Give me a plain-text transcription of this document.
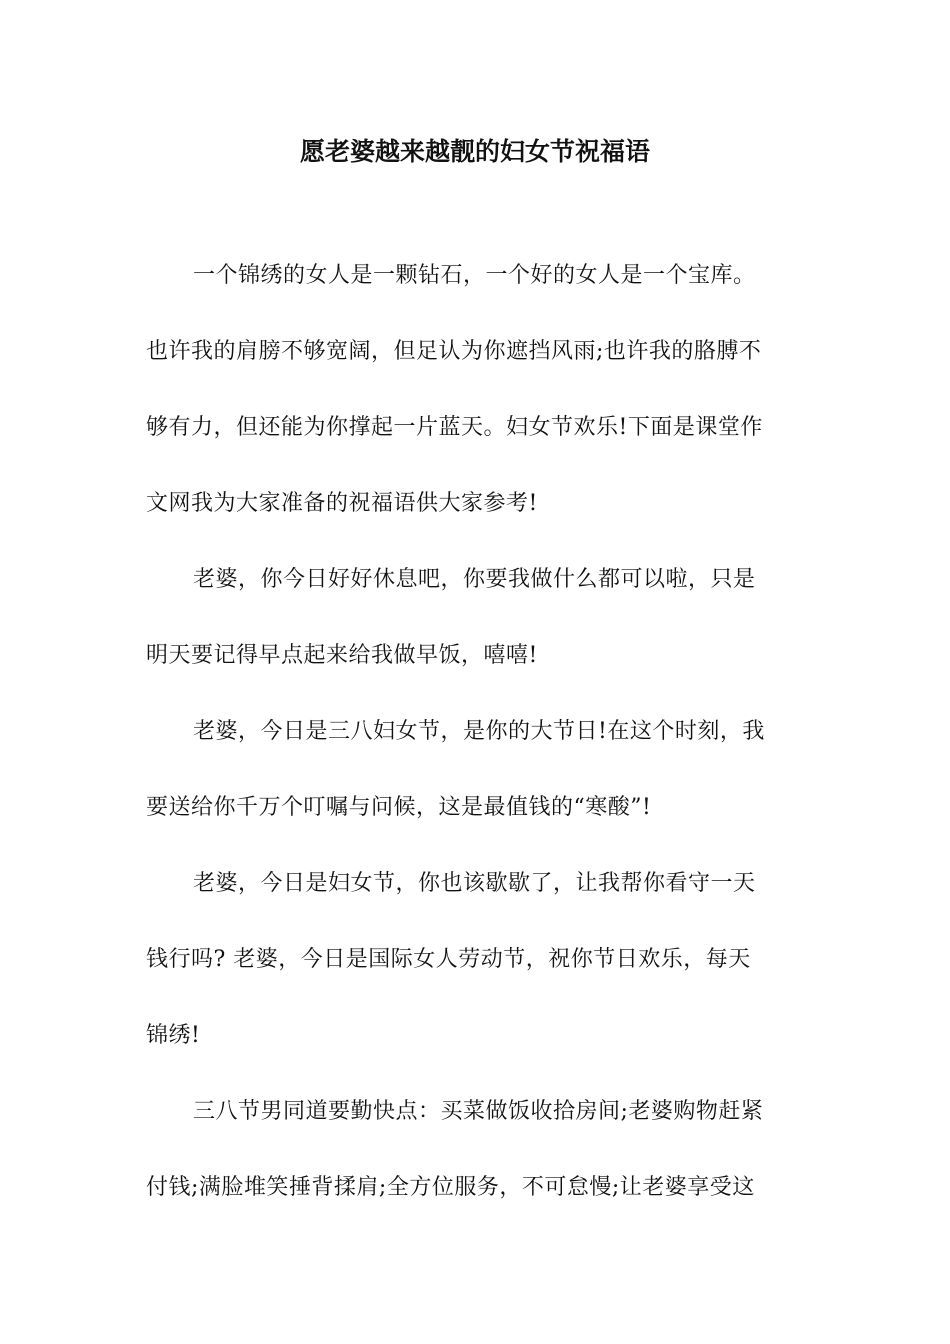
愿老婆越来越靓的妇女节祝福语
一个锦绣的女人是一颗钻石，一个好的女人是一个宝库。
也许我的肩膀不够宽阔，但足认为你遮挡风雨;也许我的胳膊不
够有力，但还能为你撑起一片蓝天。妇女节欢乐!下面是课堂作
文网我为大家准备的祝福语供大家参考!
老婆，你今日好好休息吧，你要我做什么都可以啦，只是
明天要记得早点起来给我做早饭，嘻嘻!
老婆，今日是三八妇女节，是你的大节日!在这个时刻，我
要送给你千万个叮嘱与问候，这是最值钱的“寒酸”!
老婆，今日是妇女节，你也该歇歇了，让我帮你看守一天
钱行吗? 老婆，今日是国际女人劳动节，祝你节日欢乐，每天
锦绣!
三八节男同道要勤快点：买菜做饭收拾房间;老婆购物赶紧
付钱;满脸堆笑捶背揉肩;全方位服务，不可怠慢;让老婆享受这
